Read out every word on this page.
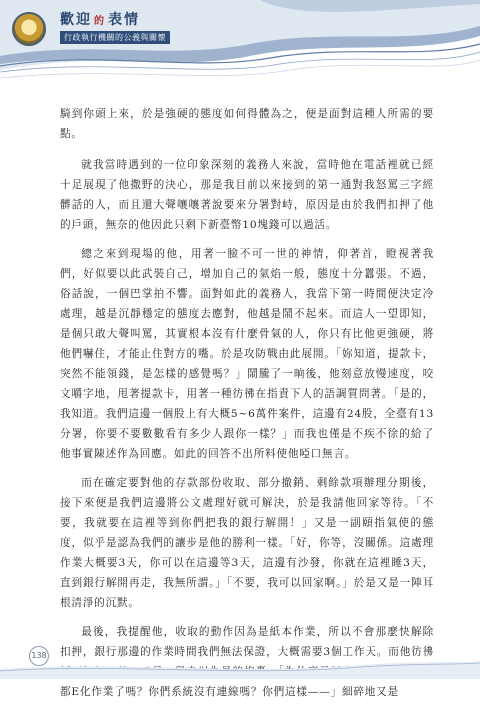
歡迎 的 表情
行政執行機關的公義與關懷

騎到你頭上來，於是強硬的態度如何得體為之，便是面對這種人所需的要點。

就我當時遇到的一位印象深刻的義務人來說，當時他在電話裡就已經十足展現了他撒野的決心，那是我目前以來接到的第一通對我怒罵三字經髒話的人，而且還大聲嚷嚷著說要來分署對峙，原因是由於我們扣押了他的戶頭，無奈的他因此只剩下新臺幣10塊錢可以過活。

總之來到現場的他，用著一臉不可一世的神情，仰著首，瞪視著我們，好似要以此武裝自己，增加自己的氣焰一般，態度十分囂張。不過，俗話說，一個巴掌拍不響。面對如此的義務人，我當下第一時間便決定冷處理，越是沉靜穩定的態度去應對，他越是鬧不起來。而這人一望即知，是個只敢大聲叫罵，其實根本沒有什麼骨氣的人，你只有比他更強硬，將他們嚇住，才能止住對方的嘴。於是攻防戰由此展開。「妳知道，提款卡，突然不能領錢，是怎樣的感覺嗎？」鬧騰了一晌後，他刻意放慢速度，咬文嚼字地，甩著提款卡，用著一種彷彿在指責下人的語調質問著。「是的，我知道。我們這邊一個股上有大概5~6萬件案件，這邊有24股，全臺有13分署，你要不要數數看有多少人跟你一樣？」而我也僅是不疾不徐的給了他事實陳述作為回應。如此的回答不出所料使他啞口無言。

而在確定要對他的存款部份收取、部分撤銷、剩餘款項辦理分期後，接下來便是我們這邊將公文處理好就可解決，於是我請他回家等待。「不要，我就要在這裡等到你們把我的銀行解開！」又是一副頤指氣使的態度，似乎是認為我們的讓步是他的勝利一樣。「好，你等，沒關係。這處理作業大概要3天，你可以在這邊等3天，這邊有沙發，你就在這裡睡3天，直到銀行解開再走，我無所謂。」「不要，我可以回家啊。」於是又是一陣耳根清淨的沉默。

最後，我提醒他，收取的動作因為是紙本作業，所以不會那麼快解除扣押，銀行那邊的作業時間我們無法保證，大概需要3個工作天。而他彷彿 都E化作業了嗎？你們系統沒有連線嗎？你們這樣——」細碎地又是

138
